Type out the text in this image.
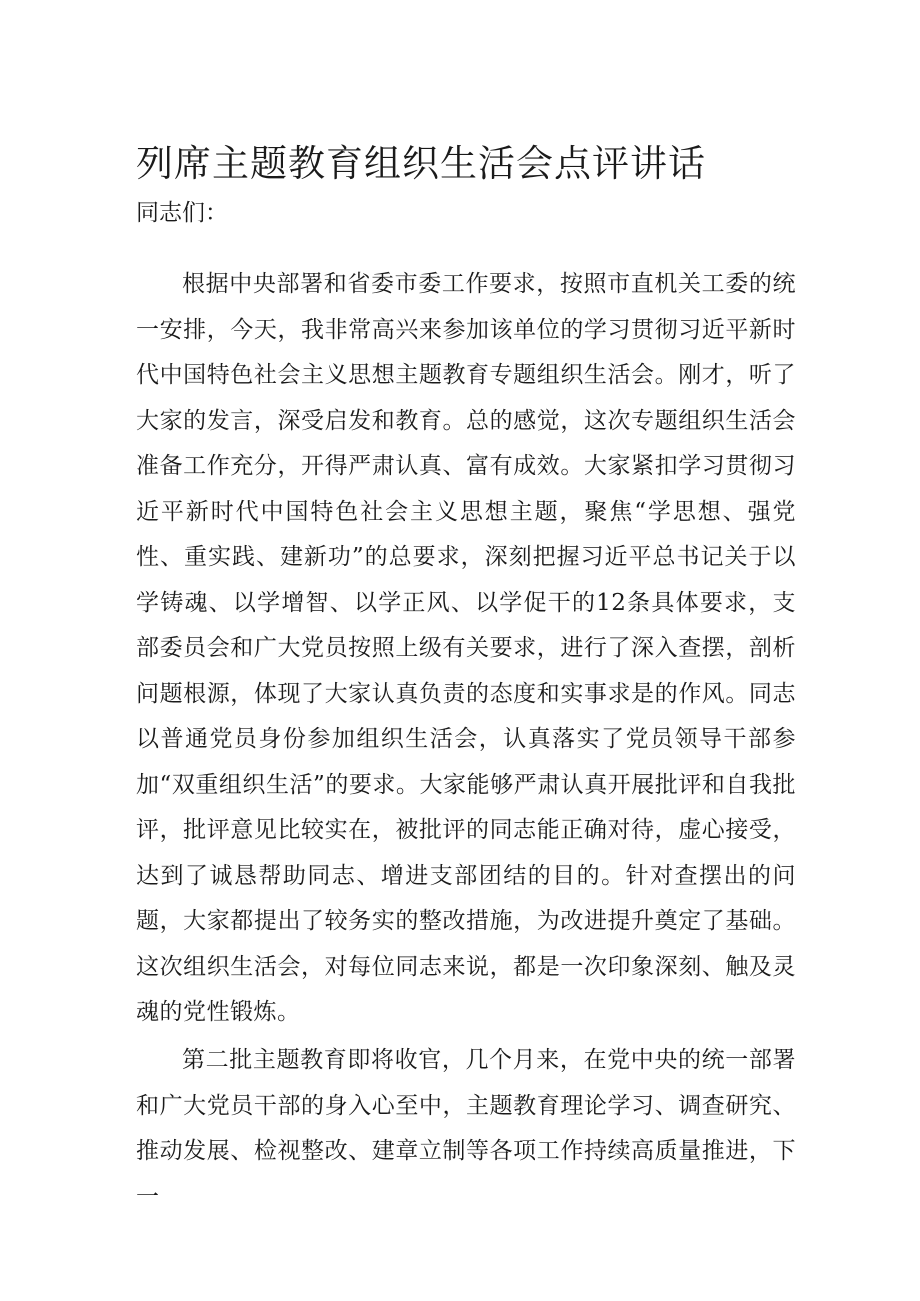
列席主题教育组织生活会点评讲话

同志们：

根据中央部署和省委市委工作要求，按照市直机关工委的统一安排，今天，我非常高兴来参加该单位的学习贯彻习近平新时代中国特色社会主义思想主题教育专题组织生活会。刚才，听了大家的发言，深受启发和教育。总的感觉，这次专题组织生活会准备工作充分，开得严肃认真、富有成效。大家紧扣学习贯彻习近平新时代中国特色社会主义思想主题，聚焦“学思想、强党性、重实践、建新功”的总要求，深刻把握习近平总书记关于以学铸魂、以学增智、以学正风、以学促干的12条具体要求，支部委员会和广大党员按照上级有关要求，进行了深入查摆，剖析问题根源，体现了大家认真负责的态度和实事求是的作风。同志以普通党员身份参加组织生活会，认真落实了党员领导干部参加“双重组织生活”的要求。大家能够严肃认真开展批评和自我批评，批评意见比较实在，被批评的同志能正确对待，虚心接受，达到了诚恳帮助同志、增进支部团结的目的。针对查摆出的问题，大家都提出了较务实的整改措施，为改进提升奠定了基础。这次组织生活会，对每位同志来说，都是一次印象深刻、触及灵魂的党性锻炼。

第二批主题教育即将收官，几个月来，在党中央的统一部署和广大党员干部的身入心至中，主题教育理论学习、调查研究、推动发展、检视整改、建章立制等各项工作持续高质量推进，下一
